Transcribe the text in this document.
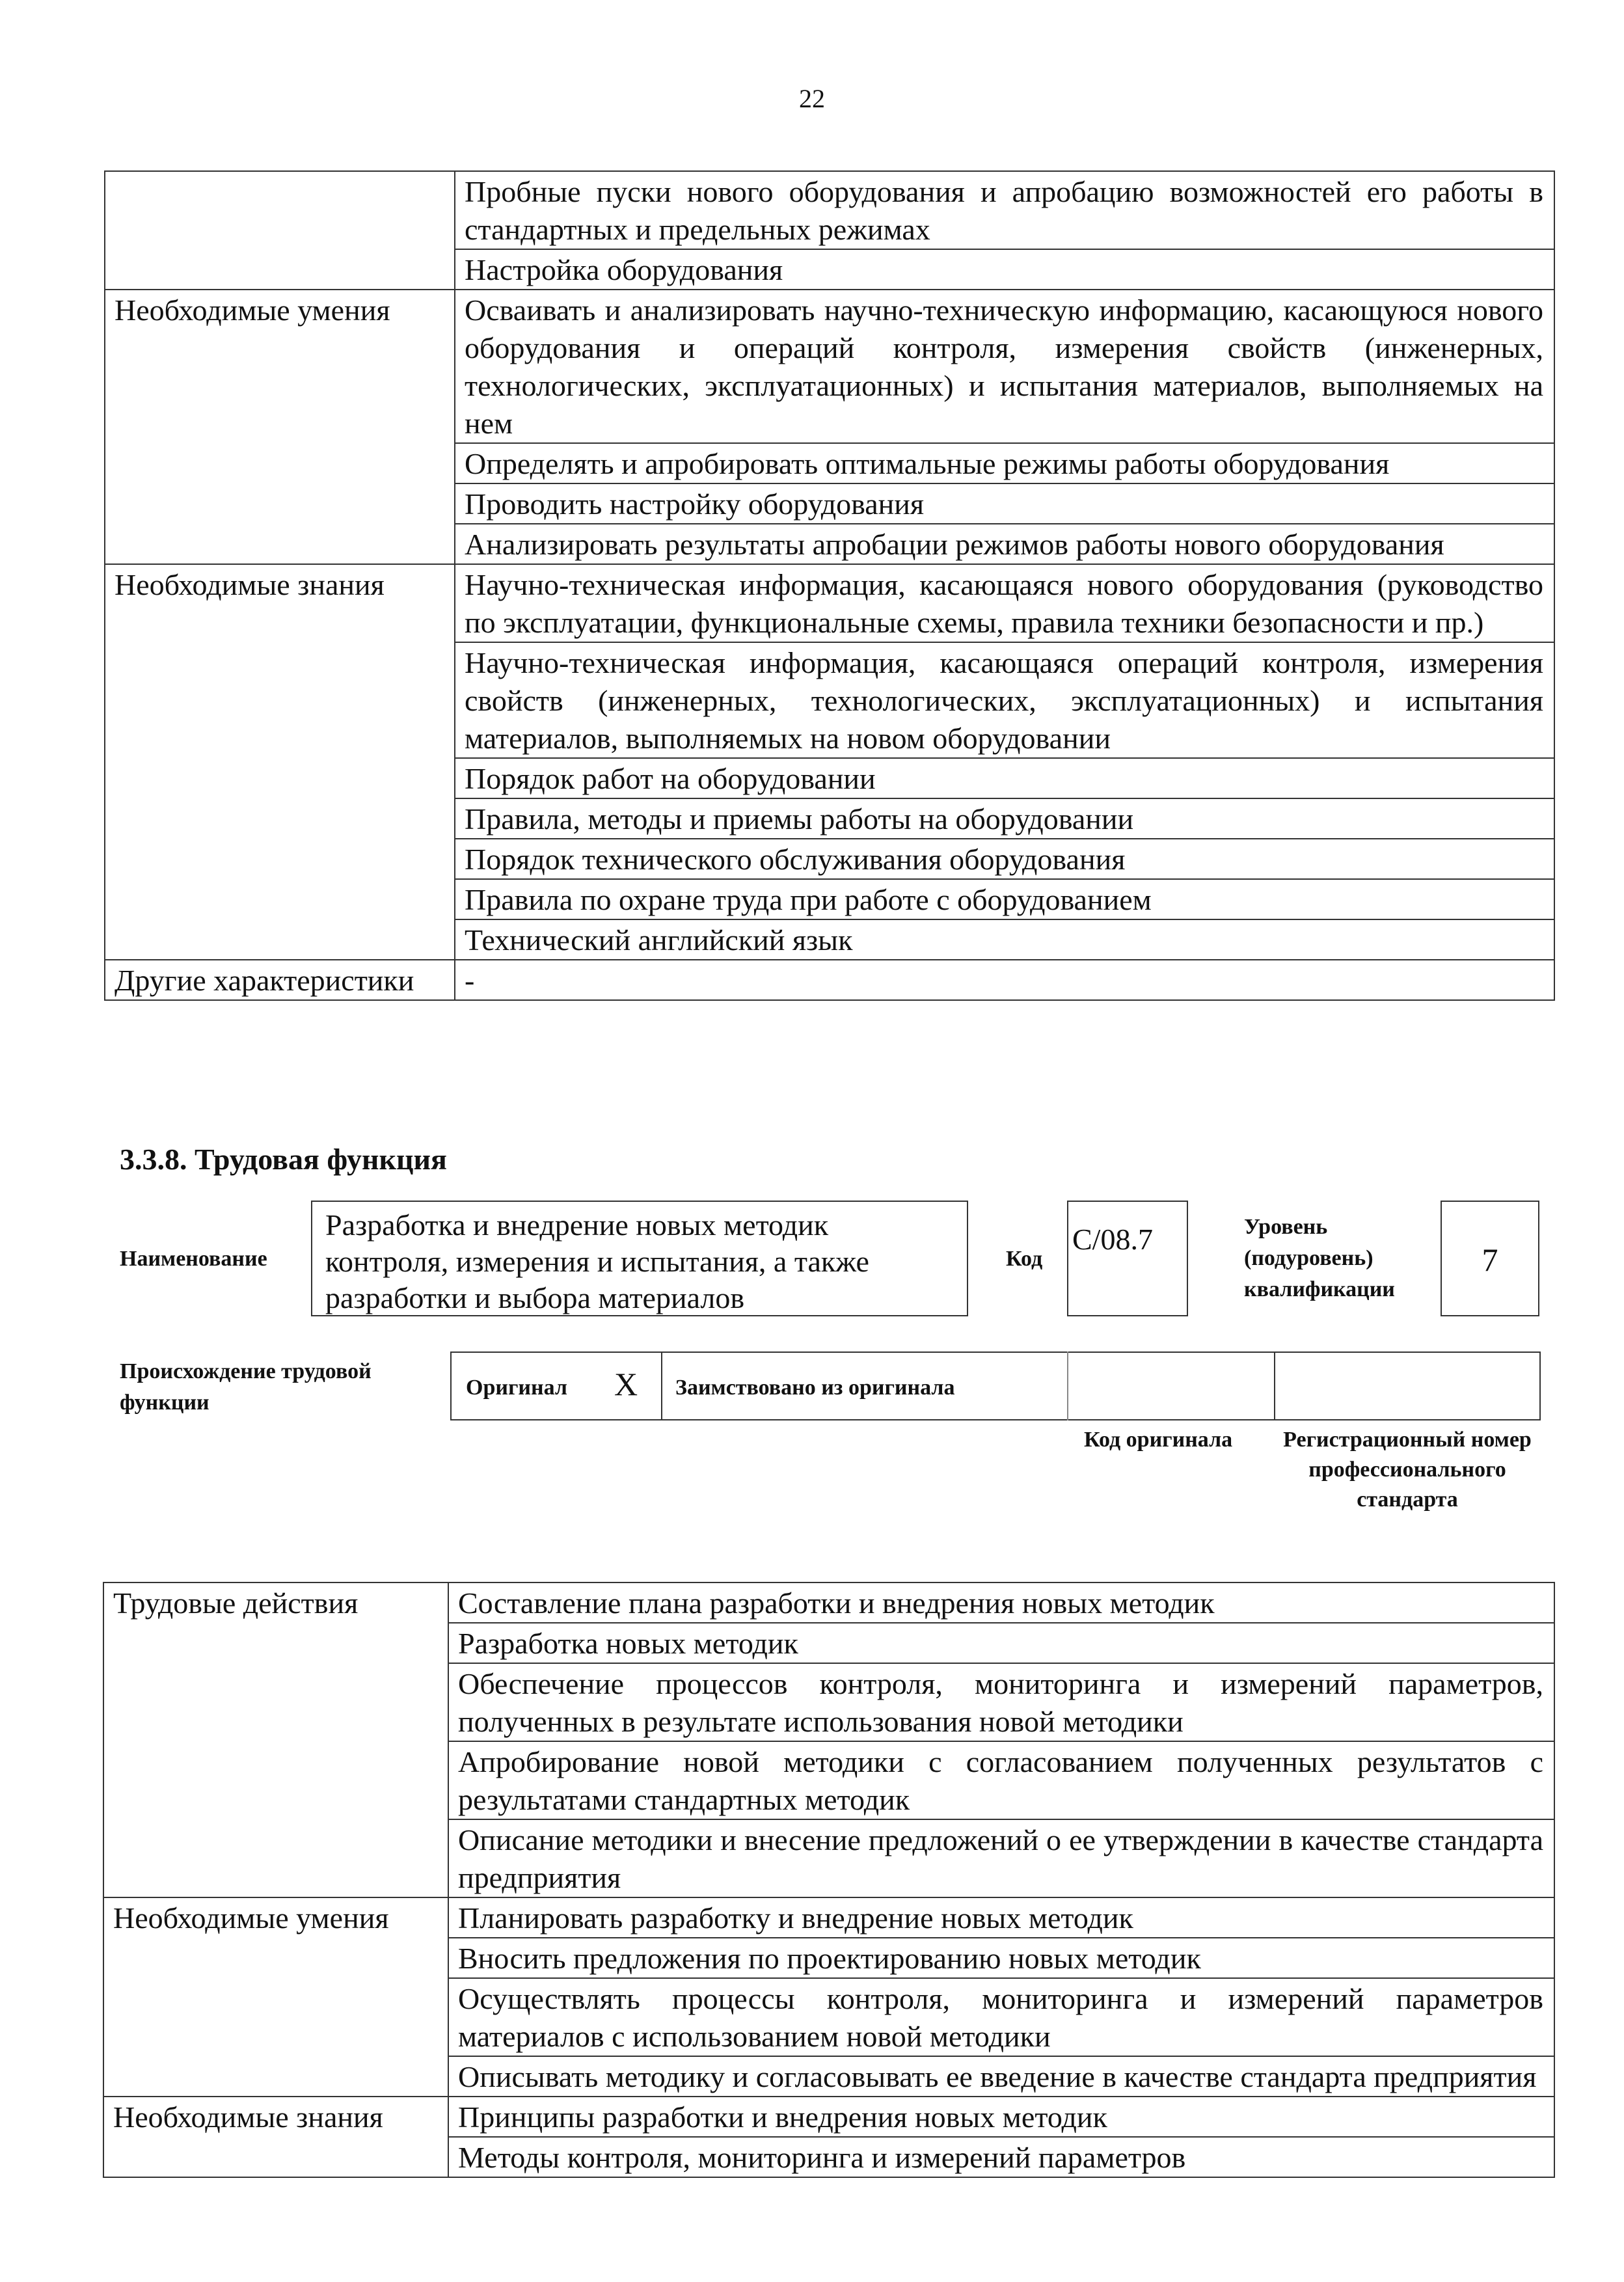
22
	Пробные пуски нового оборудования и апробацию возможностей его работы в стандартных и предельных режимах
	Настройка оборудования
Необходимые умения	Осваивать и анализировать научно-техническую информацию, касающуюся нового оборудования и операций контроля, измерения свойств (инженерных, технологических, эксплуатационных) и испытания материалов, выполняемых на нем
	Определять и апробировать оптимальные режимы работы оборудования
	Проводить настройку оборудования
	Анализировать результаты апробации режимов работы нового оборудования
Необходимые знания	Научно-техническая информация, касающаяся нового оборудования (руководство по эксплуатации, функциональные схемы, правила техники безопасности и пр.)
	Научно-техническая информация, касающаяся операций контроля, измерения свойств (инженерных, технологических, эксплуатационных) и испытания материалов, выполняемых на новом оборудовании
	Порядок работ на оборудовании
	Правила, методы и приемы работы на оборудовании
	Порядок технического обслуживания оборудования
	Правила по охране труда при работе с оборудованием
	Технический английский язык
Другие характеристики	-
3.3.8. Трудовая функция
Наименование
Разработка и внедрение новых методик контроля, измерения и испытания, а также разработки и выбора материалов
Код
C/08.7	Уровень (подуровень) квалификации
7
Происхождение трудовой функции
Оригинал X Заимствовано из оригинала
Код оригинала Регистрационный номер профессионального стандарта
Трудовые действия	Составление плана разработки и внедрения новых методик
	Разработка новых методик
	Обеспечение процессов контроля, мониторинга и измерений параметров, полученных в результате использования новой методики
	Апробирование новой методики с согласованием полученных результатов с результатами стандартных методик
	Описание методики и внесение предложений о ее утверждении в качестве стандарта предприятия
Необходимые умения	Планировать разработку и внедрение новых методик
	Вносить предложения по проектированию новых методик
	Осуществлять процессы контроля, мониторинга и измерений параметров материалов с использованием новой методики
	Описывать методику и согласовывать ее введение в качестве стандарта предприятия
Необходимые знания	Принципы разработки и внедрения новых методик
	Методы контроля, мониторинга и измерений параметров
